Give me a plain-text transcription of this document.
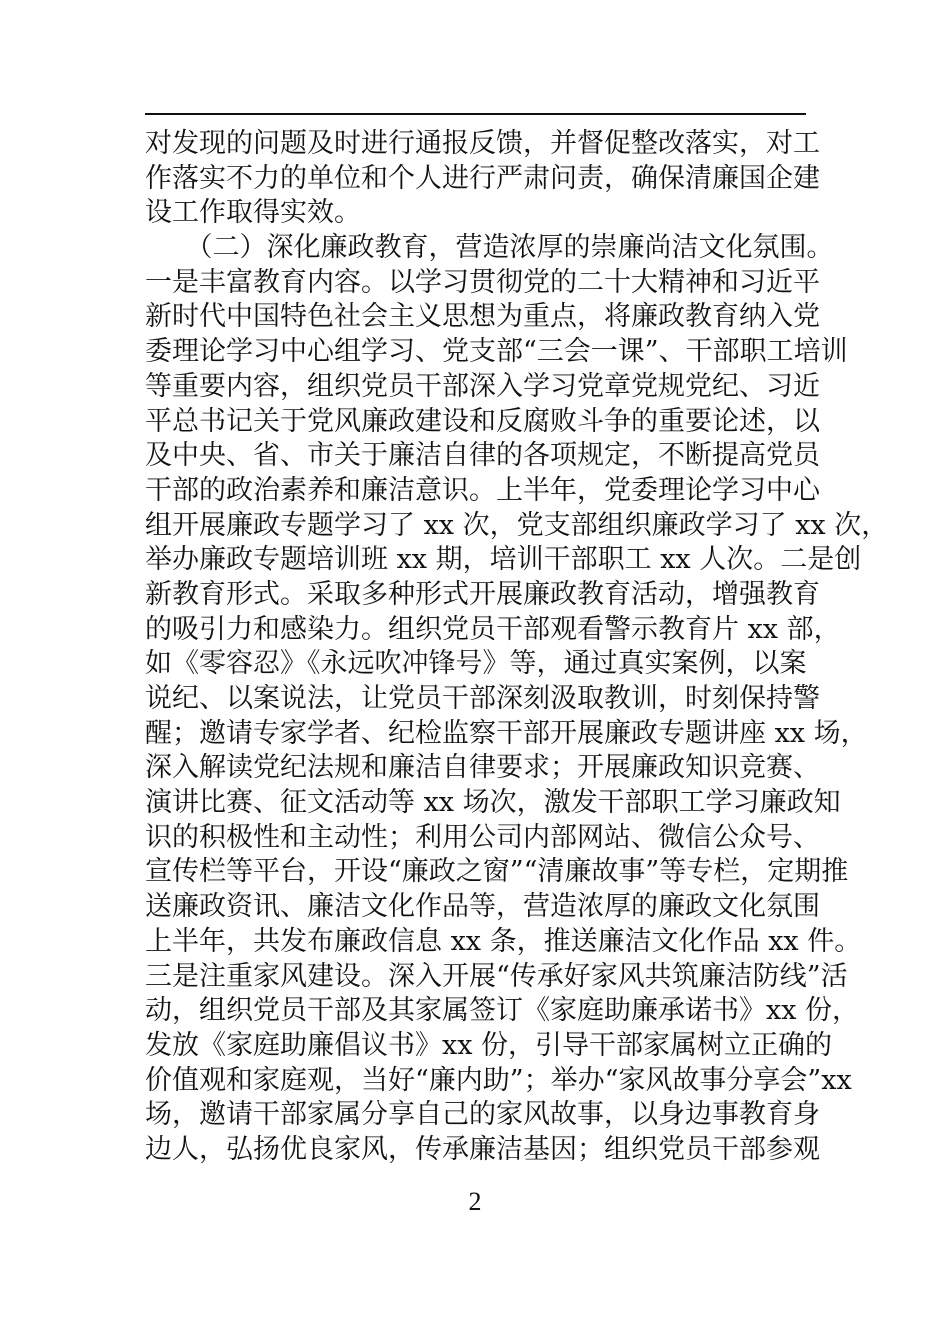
对发现的问题及时进行通报反馈，并督促整改落实，对工
作落实不力的单位和个人进行严肃问责，确保清廉国企建
设工作取得实效。
　　（二）深化廉政教育，营造浓厚的崇廉尚洁文化氛围。
一是丰富教育内容。以学习贯彻党的二十大精神和习近平
新时代中国特色社会主义思想为重点，将廉政教育纳入党
委理论学习中心组学习、党支部“三会一课”、干部职工培训
等重要内容，组织党员干部深入学习党章党规党纪、习近
平总书记关于党风廉政建设和反腐败斗争的重要论述，以
及中央、省、市关于廉洁自律的各项规定，不断提高党员
干部的政治素养和廉洁意识。上半年，党委理论学习中心
组开展廉政专题学习了 xx 次，党支部组织廉政学习了 xx 次，
举办廉政专题培训班 xx 期，培训干部职工 xx 人次。二是创
新教育形式。采取多种形式开展廉政教育活动，增强教育
的吸引力和感染力。组织党员干部观看警示教育片 xx 部，
如《零容忍》《永远吹冲锋号》等，通过真实案例，以案
说纪、以案说法，让党员干部深刻汲取教训，时刻保持警
醒；邀请专家学者、纪检监察干部开展廉政专题讲座 xx 场，
深入解读党纪法规和廉洁自律要求；开展廉政知识竞赛、
演讲比赛、征文活动等 xx 场次，激发干部职工学习廉政知
识的积极性和主动性；利用公司内部网站、微信公众号、
宣传栏等平台，开设“廉政之窗”“清廉故事”等专栏，定期推
送廉政资讯、廉洁文化作品等，营造浓厚的廉政文化氛围
上半年，共发布廉政信息 xx 条，推送廉洁文化作品 xx 件。
三是注重家风建设。深入开展“传承好家风共筑廉洁防线”活
动，组织党员干部及其家属签订《家庭助廉承诺书》xx 份，
发放《家庭助廉倡议书》xx 份，引导干部家属树立正确的
价值观和家庭观，当好“廉内助”；举办“家风故事分享会”xx
场，邀请干部家属分享自己的家风故事，以身边事教育身
边人，弘扬优良家风，传承廉洁基因；组织党员干部参观
2
